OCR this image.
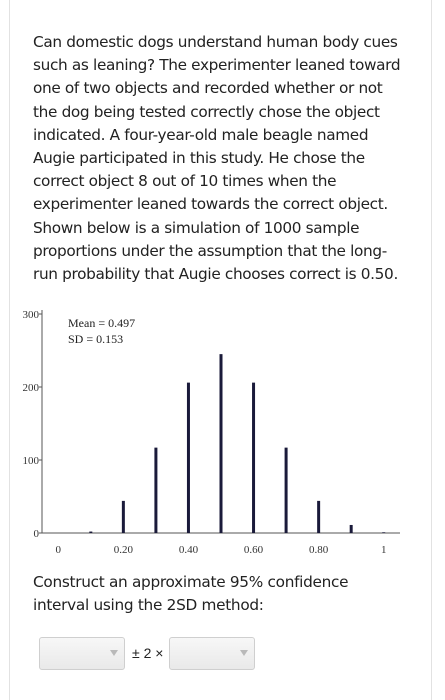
Can domestic dogs understand human body cues such as leaning? The experimenter leaned toward one of two objects and recorded whether or not the dog being tested correctly chose the object indicated. A four-year-old male beagle named Augie participated in this study. He chose the correct object 8 out of 10 times when the experimenter leaned towards the correct object. Shown below is a simulation of 1000 sample proportions under the assumption that the long-run probability that Augie chooses correct is 0.50.

0
100
200
300
0	0.20	0.40	0.60	0.80	1
Mean = 0.497
SD = 0.153

Construct an approximate 95% confidence interval using the 2SD method:

± 2 ×
